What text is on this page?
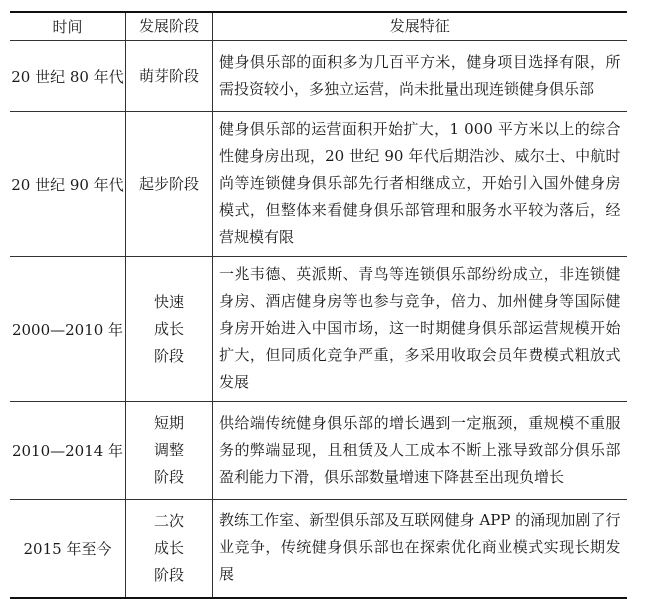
时间	发展阶段	发展特征
20 世纪 80 年代	萌芽阶段	健身俱乐部的面积多为几百平方米，健身项目选择有限，所需投资较小，多独立运营，尚未批量出现连锁健身俱乐部
20 世纪 90 年代	起步阶段	健身俱乐部的运营面积开始扩大，1 000 平方米以上的综合性健身房出现，20 世纪 90 年代后期浩沙、威尔士、中航时尚等连锁健身俱乐部先行者相继成立，开始引入国外健身房模式，但整体来看健身俱乐部管理和服务水平较为落后，经营规模有限
2000—2010 年	快速成长阶段	一兆韦德、英派斯、青鸟等连锁俱乐部纷纷成立，非连锁健身房、酒店健身房等也参与竞争，倍力、加州健身等国际健身房开始进入中国市场，这一时期健身俱乐部运营规模开始扩大，但同质化竞争严重，多采用收取会员年费模式粗放式发展
2010—2014 年	短期调整阶段	供给端传统健身俱乐部的增长遇到一定瓶颈，重规模不重服务的弊端显现，且租赁及人工成本不断上涨导致部分俱乐部盈利能力下滑，俱乐部数量增速下降甚至出现负增长
2015 年至今	二次成长阶段	教练工作室、新型俱乐部及互联网健身 APP 的涌现加剧了行业竞争，传统健身俱乐部也在探索优化商业模式实现长期发展
